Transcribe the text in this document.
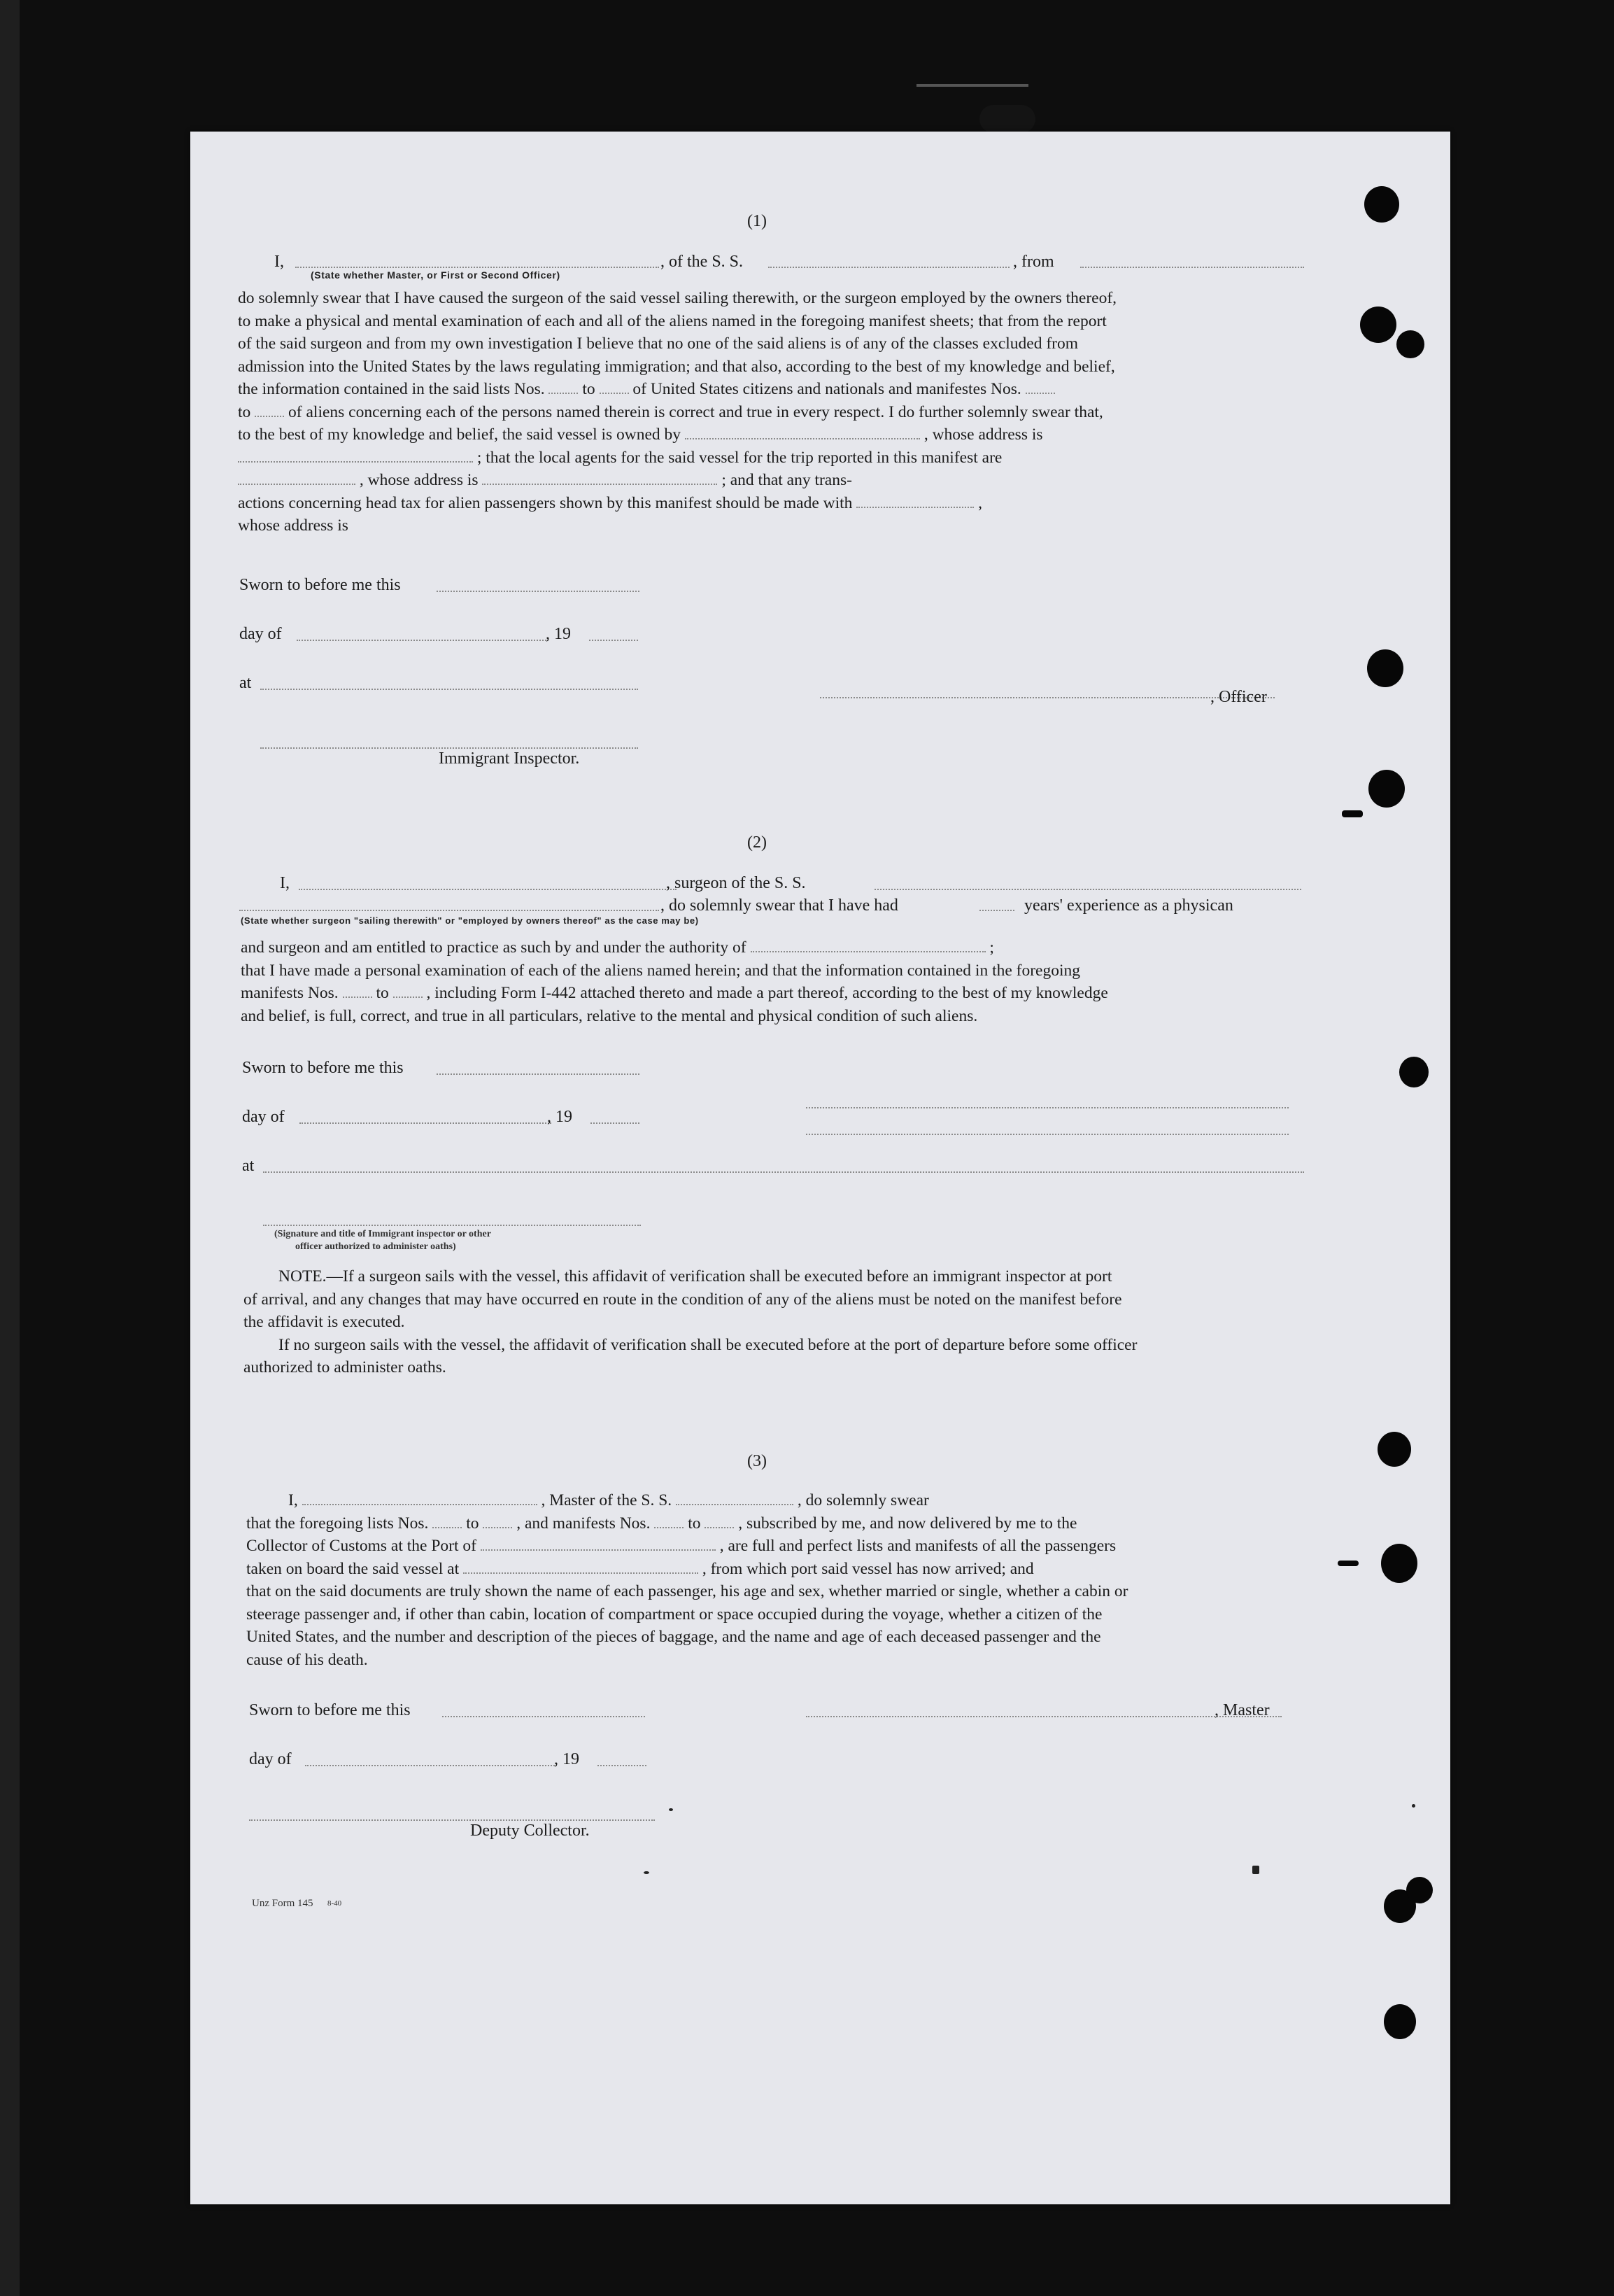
(1)
I,	, of the S. S.	, from
(State whether Master, or First or Second Officer)
do solemnly swear that I have caused the surgeon of the said vessel sailing therewith, or the surgeon employed by the owners thereof,
to make a physical and mental examination of each and all of the aliens named in the foregoing manifest sheets; that from the report
of the said surgeon and from my own investigation I believe that no one of the said aliens is of any of the classes excluded from
admission into the United States by the laws regulating immigration; and that also, according to the best of my knowledge and belief,
the information contained in the said lists Nos.  to  of United States citizens and nationals and manifestes Nos.
to  of aliens concerning each of the persons named therein is correct and true in every respect. I do further solemnly swear that,
to the best of my knowledge and belief, the said vessel is owned by	, whose address is
; that the local agents for the said vessel for the trip reported in this manifest are
, whose address is	; and that any trans-
actions concerning head tax for alien passengers shown by this manifest should be made with	,
whose address is
Sworn to before me this
day of	, 19
at
, Officer
Immigrant Inspector.
(2)
I,	, surgeon of the S. S.
, do solemnly swear that I have had	years' experience as a physican
(State whether surgeon "sailing therewith" or "employed by owners thereof" as the case may be)
and surgeon and am entitled to practice as such by and under the authority of	;
that I have made a personal examination of each of the aliens named herein; and that the information contained in the foregoing
manifests Nos.  to  , including Form I-442 attached thereto and made a part thereof, according to the best of my knowledge
and belief, is full, correct, and true in all particulars, relative to the mental and physical condition of such aliens.
Sworn to before me this
day of	, 19
at
(Signature and title of Immigrant inspector or other
officer authorized to administer oaths)
NOTE.—If a surgeon sails with the vessel, this affidavit of verification shall be executed before an immigrant inspector at port
of arrival, and any changes that may have occurred en route in the condition of any of the aliens must be noted on the manifest before
the affidavit is executed.
If no surgeon sails with the vessel, the affidavit of verification shall be executed before at the port of departure before some officer
authorized to administer oaths.
(3)
I,	, Master of the S. S.	, do solemnly swear
that the foregoing lists Nos.  to  , and manifests Nos.  to  , subscribed by me, and now delivered by me to the
Collector of Customs at the Port of	, are full and perfect lists and manifests of all the passengers
taken on board the said vessel at	, from which port said vessel has now arrived; and
that on the said documents are truly shown the name of each passenger, his age and sex, whether married or single, whether a cabin or
steerage passenger and, if other than cabin, location of compartment or space occupied during the voyage, whether a citizen of the
United States, and the number and description of the pieces of baggage, and the name and age of each deceased passenger and the
cause of his death.
Sworn to before me this	, Master
day of	, 19
Deputy Collector.
Unz Form 145 8-40
